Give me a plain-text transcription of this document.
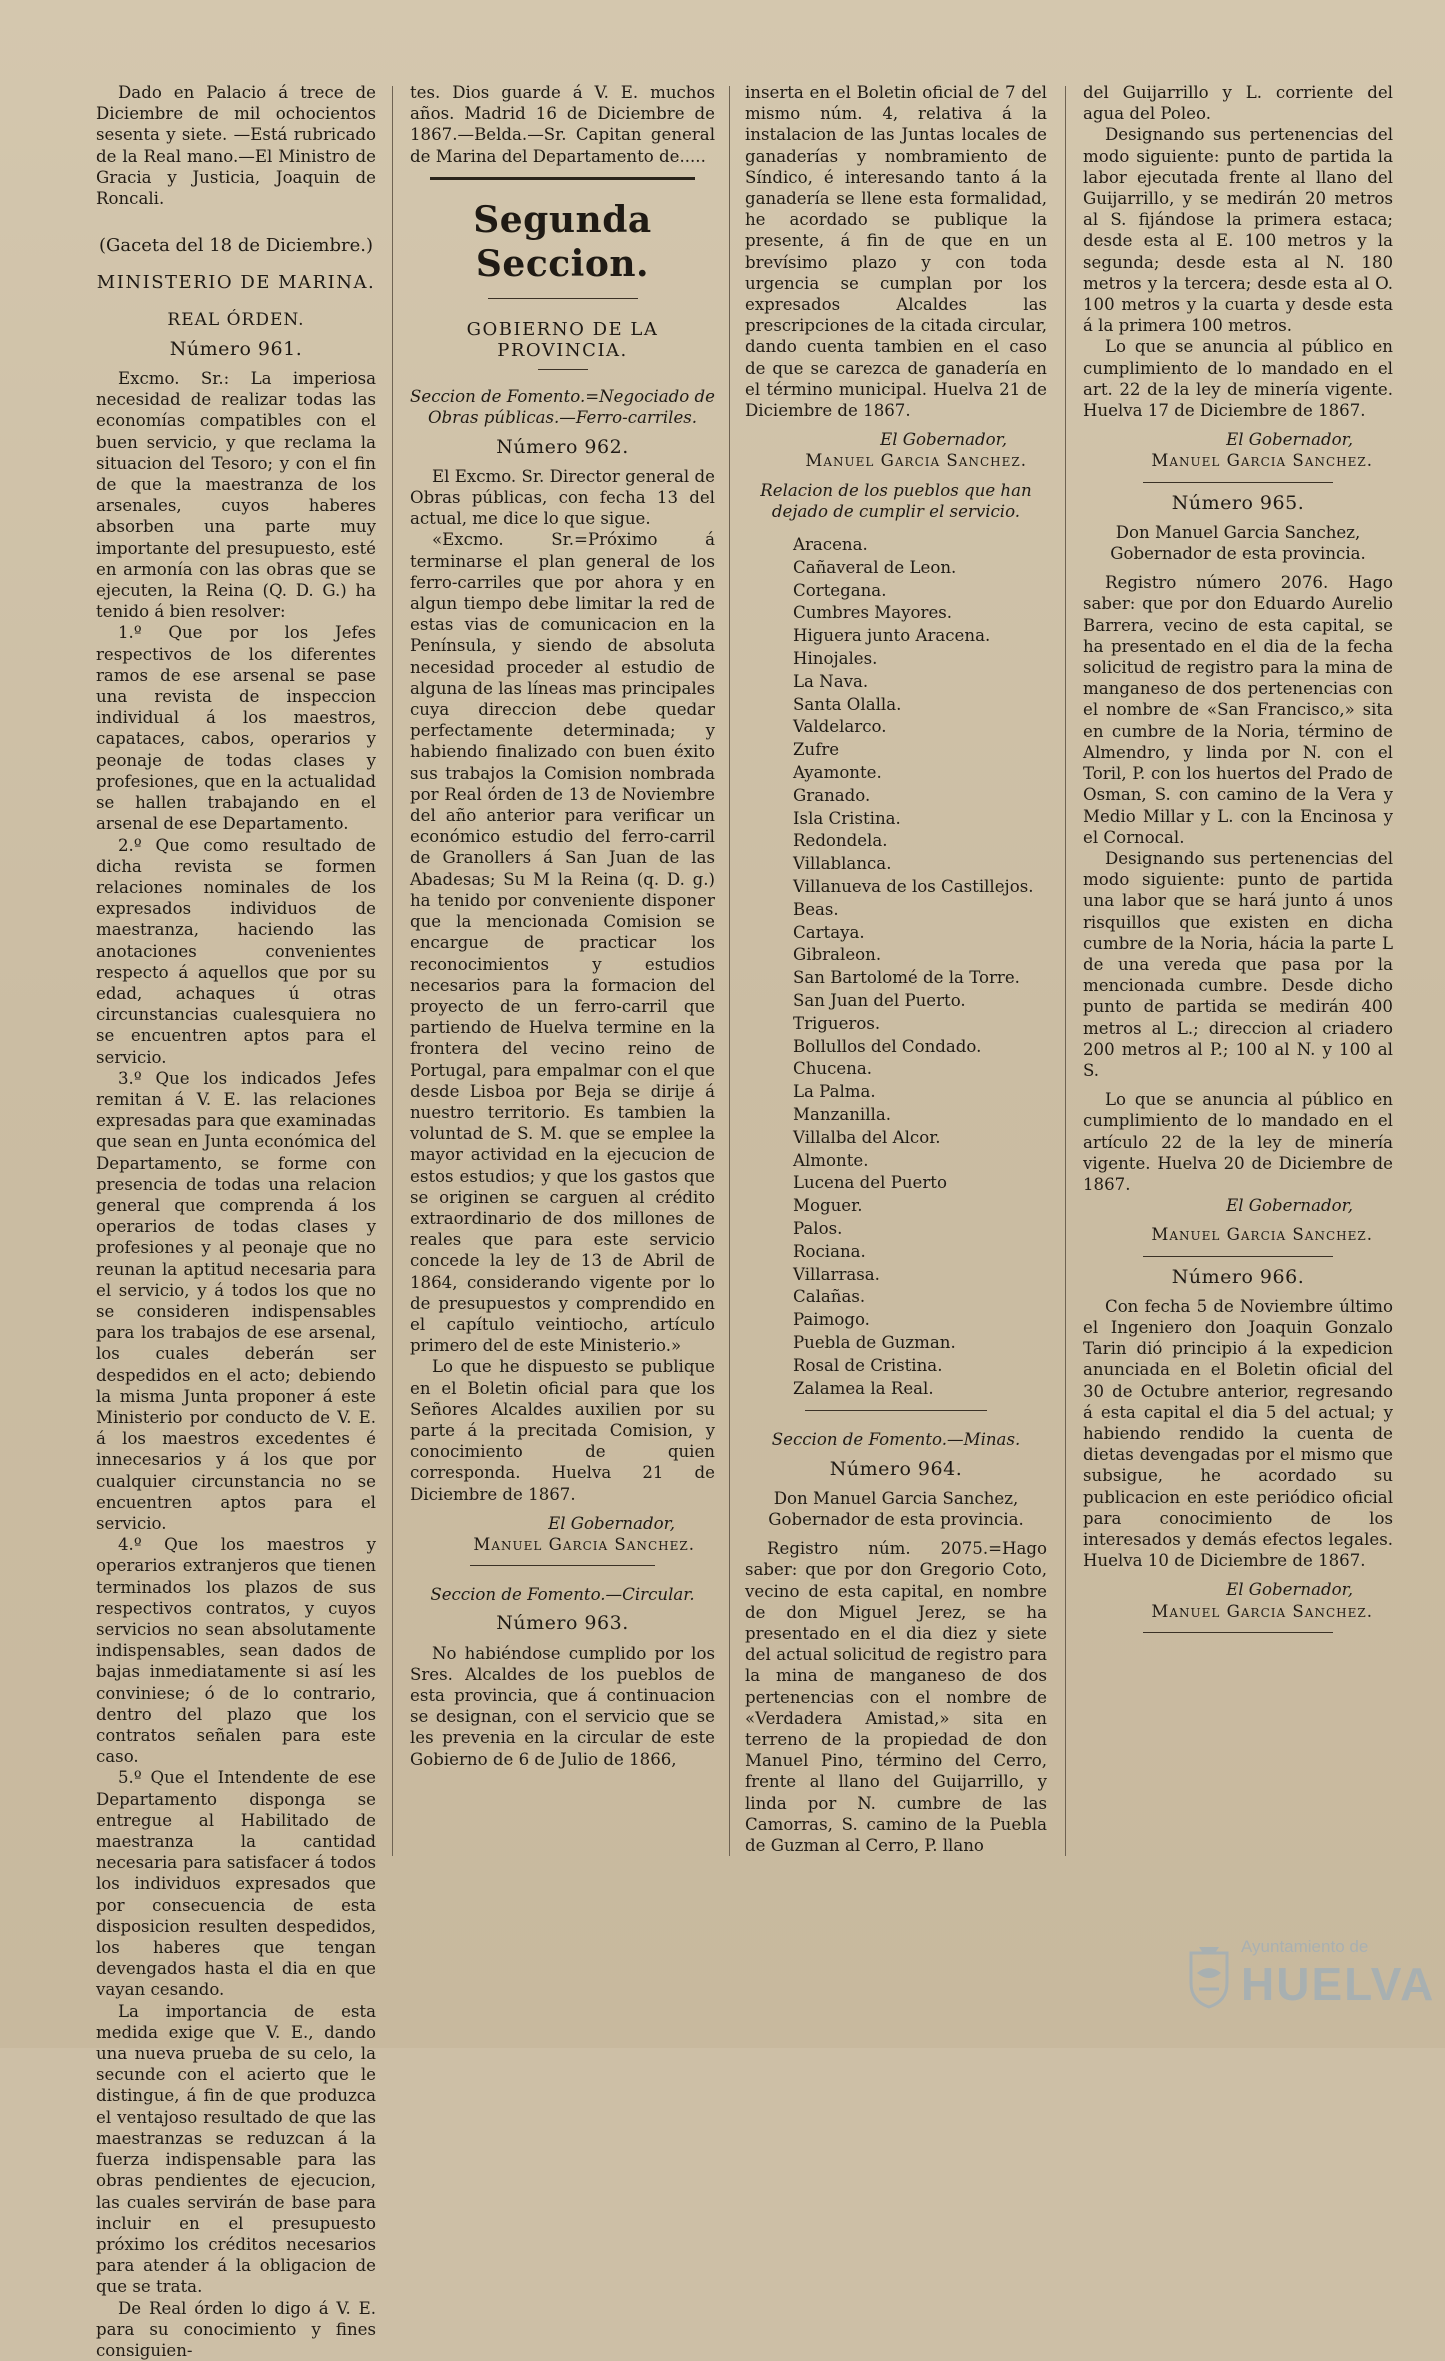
Dado en Palacio á trece de Diciembre de mil ochocientos sesenta y siete. —Está rubricado de la Real mano.—El Ministro de Gracia y Justicia, Joaquin de Roncali.

(Gaceta del 18 de Diciembre.)

MINISTERIO DE MARINA.

REAL ÓRDEN.

Número 961.

Excmo. Sr.: La imperiosa necesidad de realizar todas las economías compatibles con el buen servicio, y que reclama la situacion del Tesoro; y con el fin de que la maestranza de los arsenales, cuyos haberes absorben una parte muy importante del presupuesto, esté en armonía con las obras que se ejecuten, la Reina (Q. D. G.) ha tenido á bien resolver:

1.º Que por los Jefes respectivos de los diferentes ramos de ese arsenal se pase una revista de inspeccion individual á los maestros, capataces, cabos, operarios y peonaje de todas clases y profesiones, que en la actualidad se hallen trabajando en el arsenal de ese Departamento.

2.º Que como resultado de dicha revista se formen relaciones nominales de los expresados individuos de maestranza, haciendo las anotaciones convenientes respecto á aquellos que por su edad, achaques ú otras circunstancias cualesquiera no se encuentren aptos para el servicio.

3.º Que los indicados Jefes remitan á V. E. las relaciones expresadas para que examinadas que sean en Junta económica del Departamento, se forme con presencia de todas una relacion general que comprenda á los operarios de todas clases y profesiones y al peonaje que no reunan la aptitud necesaria para el servicio, y á todos los que no se consideren indispensables para los trabajos de ese arsenal, los cuales deberán ser despedidos en el acto; debiendo la misma Junta proponer á este Ministerio por conducto de V. E. á los maestros excedentes é innecesarios y á los que por cualquier circunstancia no se encuentren aptos para el servicio.

4.º Que los maestros y operarios extranjeros que tienen terminados los plazos de sus respectivos contratos, y cuyos servicios no sean absolutamente indispensables, sean dados de bajas inmediatamente si así les conviniese; ó de lo contrario, dentro del plazo que los contratos señalen para este caso.

5.º Que el Intendente de ese Departamento disponga se entregue al Habilitado de maestranza la cantidad necesaria para satisfacer á todos los individuos expresados que por consecuencia de esta disposicion resulten despedidos, los haberes que tengan devengados hasta el dia en que vayan cesando.

La importancia de esta medida exige que V. E., dando una nueva prueba de su celo, la secunde con el acierto que le distingue, á fin de que produzca el ventajoso resultado de que las maestranzas se reduzcan á la fuerza indispensable para las obras pendientes de ejecucion, las cuales servirán de base para incluir en el presupuesto próximo los créditos necesarios para atender á la obligacion de que se trata.

De Real órden lo digo á V. E. para su conocimiento y fines consiguien-

tes. Dios guarde á V. E. muchos años. Madrid 16 de Diciembre de 1867.—Belda.—Sr. Capitan general de Marina del Departamento de.....

Segunda Seccion.

GOBIERNO DE LA PROVINCIA.

Seccion de Fomento.=Negociado de Obras públicas.—Ferro-carriles.

Número 962.

El Excmo. Sr. Director general de Obras públicas, con fecha 13 del actual, me dice lo que sigue.

«Excmo. Sr.=Próximo á terminarse el plan general de los ferro-carriles que por ahora y en algun tiempo debe limitar la red de estas vias de comunicacion en la Península, y siendo de absoluta necesidad proceder al estudio de alguna de las líneas mas principales cuya direccion debe quedar perfectamente determinada; y habiendo finalizado con buen éxito sus trabajos la Comision nombrada por Real órden de 13 de Noviembre del año anterior para verificar un económico estudio del ferro-carril de Granollers á San Juan de las Abadesas; Su M la Reina (q. D. g.) ha tenido por conveniente disponer que la mencionada Comision se encargue de practicar los reconocimientos y estudios necesarios para la formacion del proyecto de un ferro-carril que partiendo de Huelva termine en la frontera del vecino reino de Portugal, para empalmar con el que desde Lisboa por Beja se dirije á nuestro territorio. Es tambien la voluntad de S. M. que se emplee la mayor actividad en la ejecucion de estos estudios; y que los gastos que se originen se carguen al crédito extraordinario de dos millones de reales que para este servicio concede la ley de 13 de Abril de 1864, considerando vigente por lo de presupuestos y comprendido en el capítulo veintiocho, artículo primero del de este Ministerio.»

Lo que he dispuesto se publique en el Boletin oficial para que los Señores Alcaldes auxilien por su parte á la precitada Comision, y conocimiento de quien corresponda. Huelva 21 de Diciembre de 1867.

El Gobernador,

Manuel Garcia Sanchez.

Seccion de Fomento.—Circular.

Número 963.

No habiéndose cumplido por los Sres. Alcaldes de los pueblos de esta provincia, que á continuacion se designan, con el servicio que se les prevenia en la circular de este Gobierno de 6 de Julio de 1866,

inserta en el Boletin oficial de 7 del mismo núm. 4, relativa á la instalacion de las Juntas locales de ganaderías y nombramiento de Síndico, é interesando tanto á la ganadería se llene esta formalidad, he acordado se publique la presente, á fin de que en un brevísimo plazo y con toda urgencia se cumplan por los expresados Alcaldes las prescripciones de la citada circular, dando cuenta tambien en el caso de que se carezca de ganadería en el término municipal. Huelva 21 de Diciembre de 1867.

El Gobernador,

Manuel Garcia Sanchez.

Relacion de los pueblos que han dejado de cumplir el servicio.

Aracena.
Cañaveral de Leon.
Cortegana.
Cumbres Mayores.
Higuera junto Aracena.
Hinojales.
La Nava.
Santa Olalla.
Valdelarco.
Zufre
Ayamonte.
Granado.
Isla Cristina.
Redondela.
Villablanca.
Villanueva de los Castillejos.
Beas.
Cartaya.
Gibraleon.
San Bartolomé de la Torre.
San Juan del Puerto.
Trigueros.
Bollullos del Condado.
Chucena.
La Palma.
Manzanilla.
Villalba del Alcor.
Almonte.
Lucena del Puerto
Moguer.
Palos.
Rociana.
Villarrasa.
Calañas.
Paimogo.
Puebla de Guzman.
Rosal de Cristina.
Zalamea la Real.

Seccion de Fomento.—Minas.

Número 964.

Don Manuel Garcia Sanchez, Gobernador de esta provincia.

Registro núm. 2075.=Hago saber: que por don Gregorio Coto, vecino de esta capital, en nombre de don Miguel Jerez, se ha presentado en el dia diez y siete del actual solicitud de registro para la mina de manganeso de dos pertenencias con el nombre de «Verdadera Amistad,» sita en terreno de la propiedad de don Manuel Pino, término del Cerro, frente al llano del Guijarrillo, y linda por N. cumbre de las Camorras, S. camino de la Puebla de Guzman al Cerro, P. llano

del Guijarrillo y L. corriente del agua del Poleo.

Designando sus pertenencias del modo siguiente: punto de partida la labor ejecutada frente al llano del Guijarrillo, y se medirán 20 metros al S. fijándose la primera estaca; desde esta al E. 100 metros y la segunda; desde esta al N. 180 metros y la tercera; desde esta al O. 100 metros y la cuarta y desde esta á la primera 100 metros.

Lo que se anuncia al público en cumplimiento de lo mandado en el art. 22 de la ley de minería vigente. Huelva 17 de Diciembre de 1867.

El Gobernador,

Manuel Garcia Sanchez.

Número 965.

Don Manuel Garcia Sanchez, Gobernador de esta provincia.

Registro número 2076. Hago saber: que por don Eduardo Aurelio Barrera, vecino de esta capital, se ha presentado en el dia de la fecha solicitud de registro para la mina de manganeso de dos pertenencias con el nombre de «San Francisco,» sita en cumbre de la Noria, término de Almendro, y linda por N. con el Toril, P. con los huertos del Prado de Osman, S. con camino de la Vera y Medio Millar y L. con la Encinosa y el Cornocal.

Designando sus pertenencias del modo siguiente: punto de partida una labor que se hará junto á unos risquillos que existen en dicha cumbre de la Noria, hácia la parte L de una vereda que pasa por la mencionada cumbre. Desde dicho punto de partida se medirán 400 metros al L.; direccion al criadero 200 metros al P.; 100 al N. y 100 al S.

Lo que se anuncia al público en cumplimiento de lo mandado en el artículo 22 de la ley de minería vigente. Huelva 20 de Diciembre de 1867.

El Gobernador,

Manuel Garcia Sanchez.

Número 966.

Con fecha 5 de Noviembre último el Ingeniero don Joaquin Gonzalo Tarin dió principio á la expedicion anunciada en el Boletin oficial del 30 de Octubre anterior, regresando á esta capital el dia 5 del actual; y habiendo rendido la cuenta de dietas devengadas por el mismo que subsigue, he acordado su publicacion en este periódico oficial para conocimiento de los interesados y demás efectos legales. Huelva 10 de Diciembre de 1867.

El Gobernador,

Manuel Garcia Sanchez.

Ayuntamiento de
HUELVA
